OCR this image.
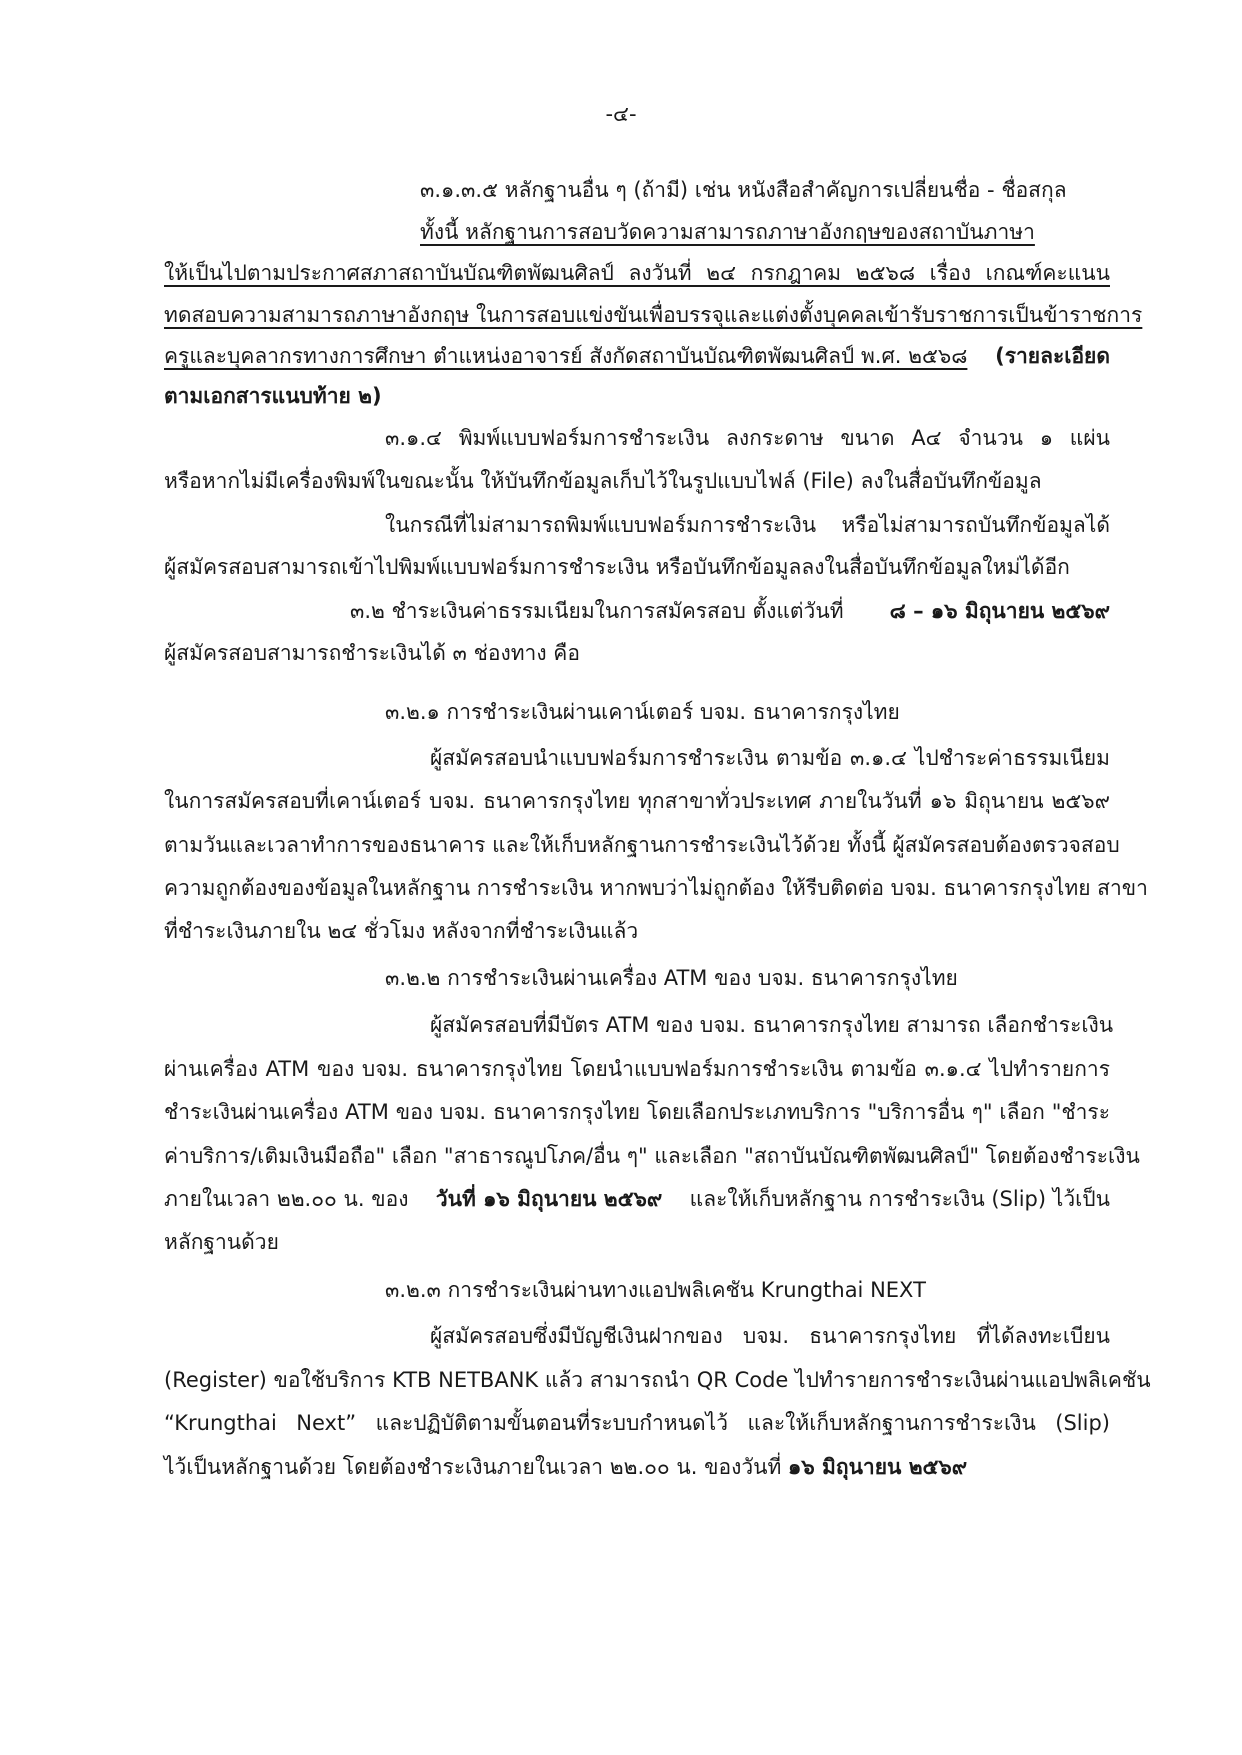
-๔-
๓.๑.๓.๕ หลักฐานอื่น ๆ (ถ้ามี) เช่น หนังสือสำคัญการเปลี่ยนชื่อ - ชื่อสกุล
ทั้งนี้ หลักฐานการสอบวัดความสามารถภาษาอังกฤษของสถาบันภาษา
ให้เป็นไปตามประกาศสภาสถาบันบัณฑิตพัฒนศิลป์ ลงวันที่ ๒๔ กรกฎาคม ๒๕๖๘ เรื่อง เกณฑ์คะแนน
ทดสอบความสามารถภาษาอังกฤษ ในการสอบแข่งขันเพื่อบรรจุและแต่งตั้งบุคคลเข้ารับราชการเป็นข้าราชการ
ครูและบุคลากรทางการศึกษา ตำแหน่งอาจารย์ สังกัดสถาบันบัณฑิตพัฒนศิลป์ พ.ศ. ๒๕๖๘ (รายละเอียด
ตามเอกสารแนบท้าย ๒)
๓.๑.๔ พิมพ์แบบฟอร์มการชำระเงิน ลงกระดาษ ขนาด A๔ จำนวน ๑ แผ่น
หรือหากไม่มีเครื่องพิมพ์ในขณะนั้น ให้บันทึกข้อมูลเก็บไว้ในรูปแบบไฟล์ (File) ลงในสื่อบันทึกข้อมูล
ในกรณีที่ไม่สามารถพิมพ์แบบฟอร์มการชำระเงิน หรือไม่สามารถบันทึกข้อมูลได้
ผู้สมัครสอบสามารถเข้าไปพิมพ์แบบฟอร์มการชำระเงิน หรือบันทึกข้อมูลลงในสื่อบันทึกข้อมูลใหม่ได้อีก
๓.๒ ชำระเงินค่าธรรมเนียมในการสมัครสอบ ตั้งแต่วันที่ ๘ – ๑๖ มิถุนายน ๒๕๖๙
ผู้สมัครสอบสามารถชำระเงินได้ ๓ ช่องทาง คือ
๓.๒.๑ การชำระเงินผ่านเคาน์เตอร์ บจม. ธนาคารกรุงไทย
ผู้สมัครสอบนำแบบฟอร์มการชำระเงิน ตามข้อ ๓.๑.๔ ไปชำระค่าธรรมเนียม
ในการสมัครสอบที่เคาน์เตอร์ บจม. ธนาคารกรุงไทย ทุกสาขาทั่วประเทศ ภายในวันที่ ๑๖ มิถุนายน ๒๕๖๙
ตามวันและเวลาทำการของธนาคาร และให้เก็บหลักฐานการชำระเงินไว้ด้วย ทั้งนี้ ผู้สมัครสอบต้องตรวจสอบ
ความถูกต้องของข้อมูลในหลักฐาน การชำระเงิน หากพบว่าไม่ถูกต้อง ให้รีบติดต่อ บจม. ธนาคารกรุงไทย สาขา
ที่ชำระเงินภายใน ๒๔ ชั่วโมง หลังจากที่ชำระเงินแล้ว
๓.๒.๒ การชำระเงินผ่านเครื่อง ATM ของ บจม. ธนาคารกรุงไทย
ผู้สมัครสอบที่มีบัตร ATM ของ บจม. ธนาคารกรุงไทย สามารถ เลือกชำระเงิน
ผ่านเครื่อง ATM ของ บจม. ธนาคารกรุงไทย โดยนำแบบฟอร์มการชำระเงิน ตามข้อ ๓.๑.๔ ไปทำรายการ
ชำระเงินผ่านเครื่อง ATM ของ บจม. ธนาคารกรุงไทย โดยเลือกประเภทบริการ "บริการอื่น ๆ" เลือก "ชำระ
ค่าบริการ/เติมเงินมือถือ" เลือก "สาธารณูปโภค/อื่น ๆ" และเลือก "สถาบันบัณฑิตพัฒนศิลป์" โดยต้องชำระเงิน
ภายในเวลา ๒๒.๐๐ น. ของ วันที่ ๑๖ มิถุนายน ๒๕๖๙ และให้เก็บหลักฐาน การชำระเงิน (Slip) ไว้เป็น
หลักฐานด้วย
๓.๒.๓ การชำระเงินผ่านทางแอปพลิเคชัน Krungthai NEXT
ผู้สมัครสอบซึ่งมีบัญชีเงินฝากของ บจม. ธนาคารกรุงไทย ที่ได้ลงทะเบียน
(Register) ขอใช้บริการ KTB NETBANK แล้ว สามารถนำ QR Code ไปทำรายการชำระเงินผ่านแอปพลิเคชัน
“Krungthai Next” และปฏิบัติตามขั้นตอนที่ระบบกำหนดไว้ และให้เก็บหลักฐานการชำระเงิน (Slip)
ไว้เป็นหลักฐานด้วย โดยต้องชำระเงินภายในเวลา ๒๒.๐๐ น. ของวันที่ ๑๖ มิถุนายน ๒๕๖๙
